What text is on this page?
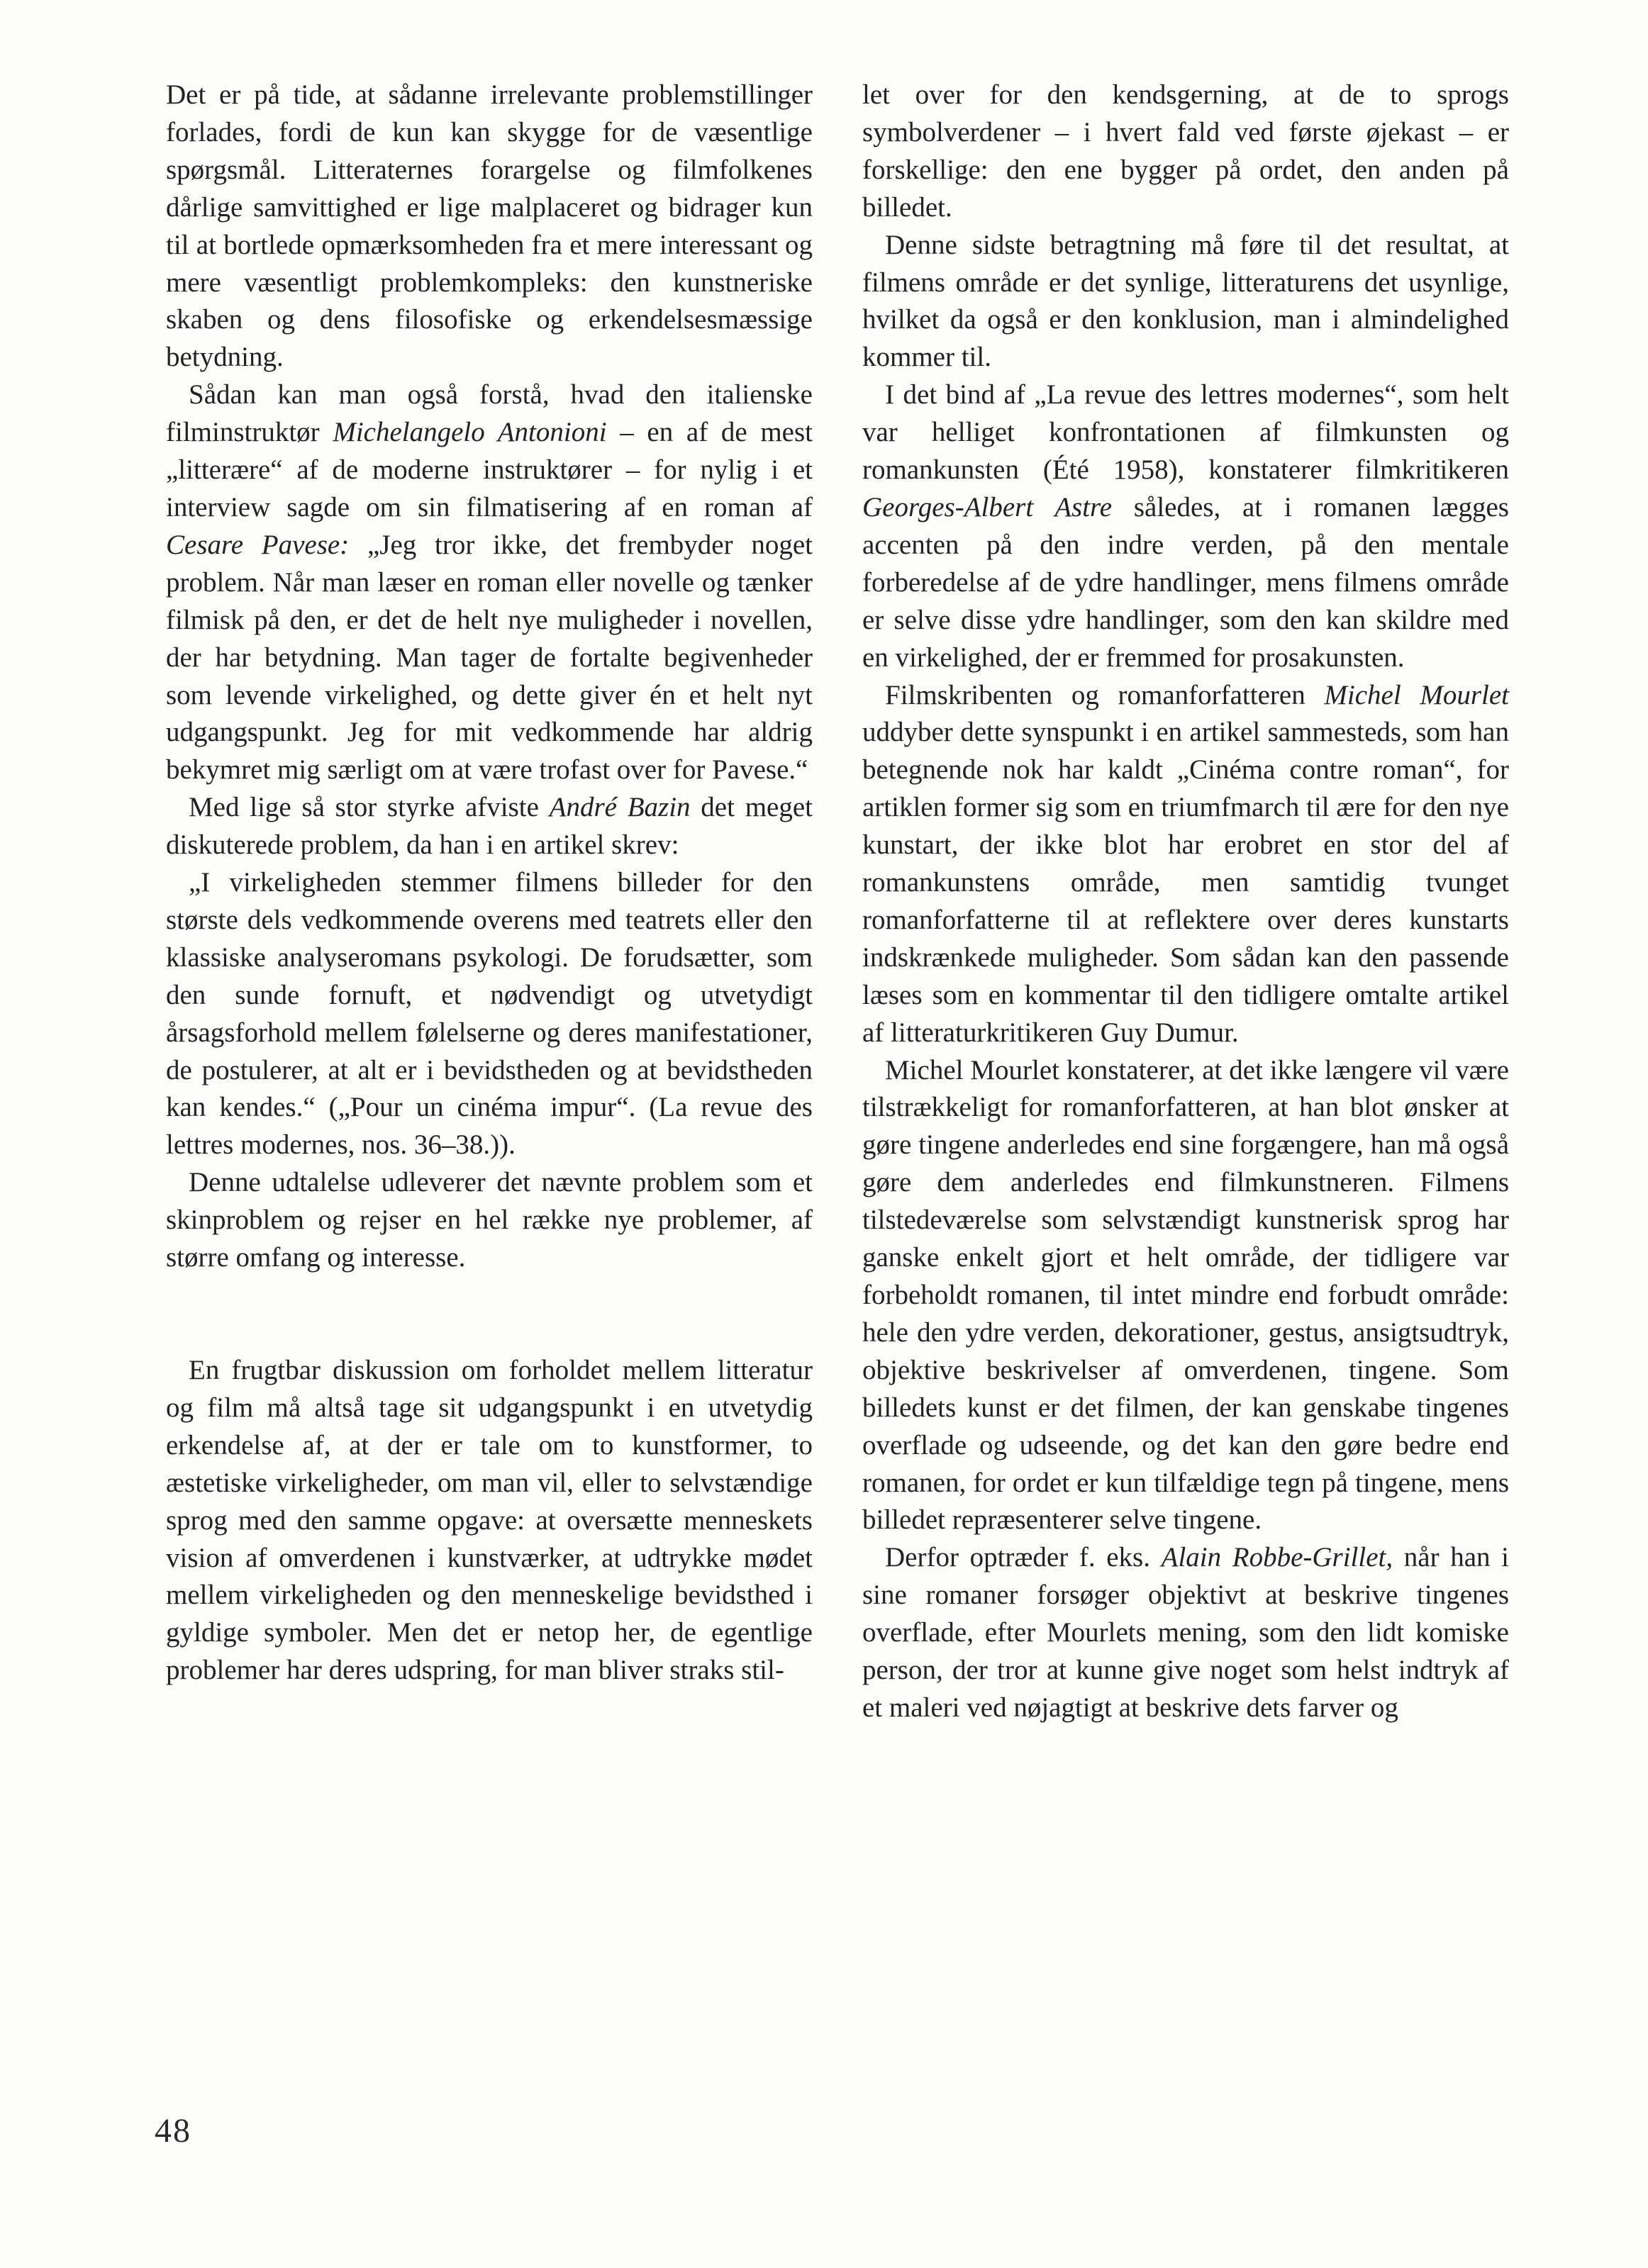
Det er på tide, at sådanne irrelevante problemstillinger forlades, fordi de kun kan skygge for de væsentlige spørgsmål. Litteraternes forargelse og filmfolkenes dårlige samvittighed er lige malplaceret og bidrager kun til at bortlede opmærksomheden fra et mere interessant og mere væsentligt problemkompleks: den kunstneriske skaben og dens filosofiske og erkendelsesmæssige betydning.

Sådan kan man også forstå, hvad den italienske filminstruktør Michelangelo Antonioni – en af de mest „litterære“ af de moderne instruktører – for nylig i et interview sagde om sin filmatisering af en roman af Cesare Pavese: „Jeg tror ikke, det frembyder noget problem. Når man læser en roman eller novelle og tænker filmisk på den, er det de helt nye muligheder i novellen, der har betydning. Man tager de fortalte begivenheder som levende virkelighed, og dette giver én et helt nyt udgangspunkt. Jeg for mit vedkommende har aldrig bekymret mig særligt om at være trofast over for Pavese.“

Med lige så stor styrke afviste André Bazin det meget diskuterede problem, da han i en artikel skrev:

„I virkeligheden stemmer filmens billeder for den største dels vedkommende overens med teatrets eller den klassiske analyseromans psykologi. De forudsætter, som den sunde fornuft, et nødvendigt og utvetydigt årsagsforhold mellem følelserne og deres manifestationer, de postulerer, at alt er i bevidstheden og at bevidstheden kan kendes.“ („Pour un cinéma impur“. (La revue des lettres modernes, nos. 36–38.)).

Denne udtalelse udleverer det nævnte problem som et skinproblem og rejser en hel række nye problemer, af større omfang og interesse.

En frugtbar diskussion om forholdet mellem litteratur og film må altså tage sit udgangspunkt i en utvetydig erkendelse af, at der er tale om to kunstformer, to æstetiske virkeligheder, om man vil, eller to selvstændige sprog med den samme opgave: at oversætte menneskets vision af omverdenen i kunstværker, at udtrykke mødet mellem virkeligheden og den menneskelige bevidsthed i gyldige symboler. Men det er netop her, de egentlige problemer har deres udspring, for man bliver straks stil-

let over for den kendsgerning, at de to sprogs symbolverdener – i hvert fald ved første øjekast – er forskellige: den ene bygger på ordet, den anden på billedet.

Denne sidste betragtning må føre til det resultat, at filmens område er det synlige, litteraturens det usynlige, hvilket da også er den konklusion, man i almindelighed kommer til.

I det bind af „La revue des lettres modernes“, som helt var helliget konfrontationen af filmkunsten og romankunsten (Été 1958), konstaterer filmkritikeren Georges-Albert Astre således, at i romanen lægges accenten på den indre verden, på den mentale forberedelse af de ydre handlinger, mens filmens område er selve disse ydre handlinger, som den kan skildre med en virkelighed, der er fremmed for prosakunsten.

Filmskribenten og romanforfatteren Michel Mourlet uddyber dette synspunkt i en artikel sammesteds, som han betegnende nok har kaldt „Cinéma contre roman“, for artiklen former sig som en triumfmarch til ære for den nye kunstart, der ikke blot har erobret en stor del af romankunstens område, men samtidig tvunget romanforfatterne til at reflektere over deres kunstarts indskrænkede muligheder. Som sådan kan den passende læses som en kommentar til den tidligere omtalte artikel af litteraturkritikeren Guy Dumur.

Michel Mourlet konstaterer, at det ikke længere vil være tilstrækkeligt for romanforfatteren, at han blot ønsker at gøre tingene anderledes end sine forgængere, han må også gøre dem anderledes end filmkunstneren. Filmens tilstedeværelse som selvstændigt kunstnerisk sprog har ganske enkelt gjort et helt område, der tidligere var forbeholdt romanen, til intet mindre end forbudt område: hele den ydre verden, dekorationer, gestus, ansigtsudtryk, objektive beskrivelser af omverdenen, tingene. Som billedets kunst er det filmen, der kan genskabe tingenes overflade og udseende, og det kan den gøre bedre end romanen, for ordet er kun tilfældige tegn på tingene, mens billedet repræsenterer selve tingene.

Derfor optræder f. eks. Alain Robbe-Grillet, når han i sine romaner forsøger objektivt at beskrive tingenes overflade, efter Mourlets mening, som den lidt komiske person, der tror at kunne give noget som helst indtryk af et maleri ved nøjagtigt at beskrive dets farver og

48
